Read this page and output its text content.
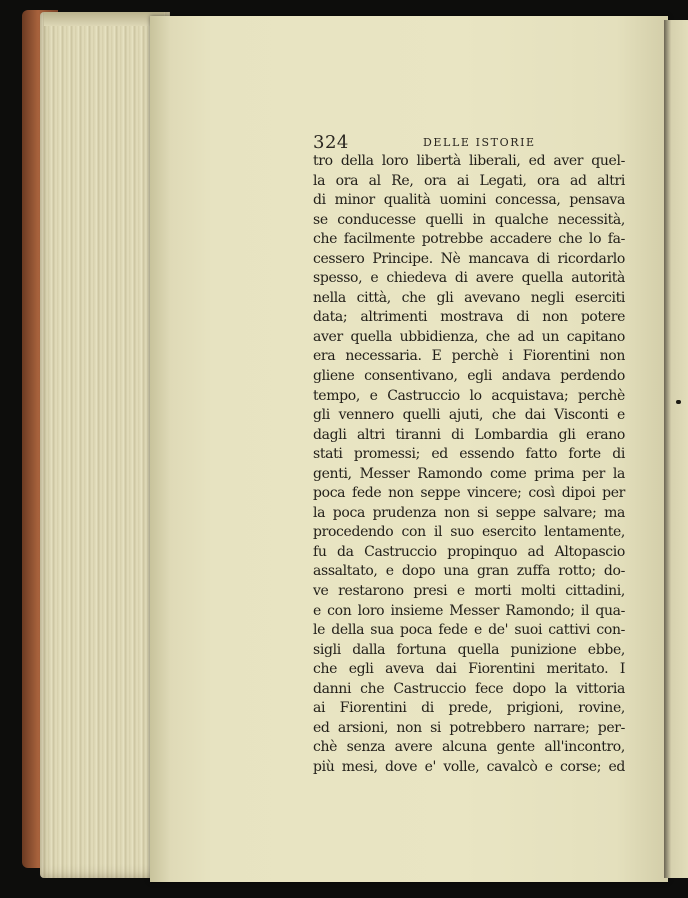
324	DELLE ISTORIE
tro della loro libertà liberali, ed aver quel-
la ora al Re, ora ai Legati, ora ad altri
di minor qualità uomini concessa, pensava
se conducesse quelli in qualche necessità,
che facilmente potrebbe accadere che lo fa-
cessero Principe. Nè mancava di ricordarlo
spesso, e chiedeva di avere quella autorità
nella città, che gli avevano negli eserciti
data; altrimenti mostrava di non potere
aver quella ubbidienza, che ad un capitano
era necessaria. E perchè i Fiorentini non
gliene consentivano, egli andava perdendo
tempo, e Castruccio lo acquistava; perchè
gli vennero quelli ajuti, che dai Visconti e
dagli altri tiranni di Lombardia gli erano
stati promessi; ed essendo fatto forte di
genti, Messer Ramondo come prima per la
poca fede non seppe vincere; così dipoi per
la poca prudenza non si seppe salvare; ma
procedendo con il suo esercito lentamente,
fu da Castruccio propinquo ad Altopascio
assaltato, e dopo una gran zuffa rotto; do-
ve restarono presi e morti molti cittadini,
e con loro insieme Messer Ramondo; il qua-
le della sua poca fede e de' suoi cattivi con-
sigli dalla fortuna quella punizione ebbe,
che egli aveva dai Fiorentini meritato. I
danni che Castruccio fece dopo la vittoria
ai Fiorentini di prede, prigioni, rovine,
ed arsioni, non si potrebbero narrare; per-
chè senza avere alcuna gente all'incontro,
più mesi, dove e' volle, cavalcò e corse; ed
